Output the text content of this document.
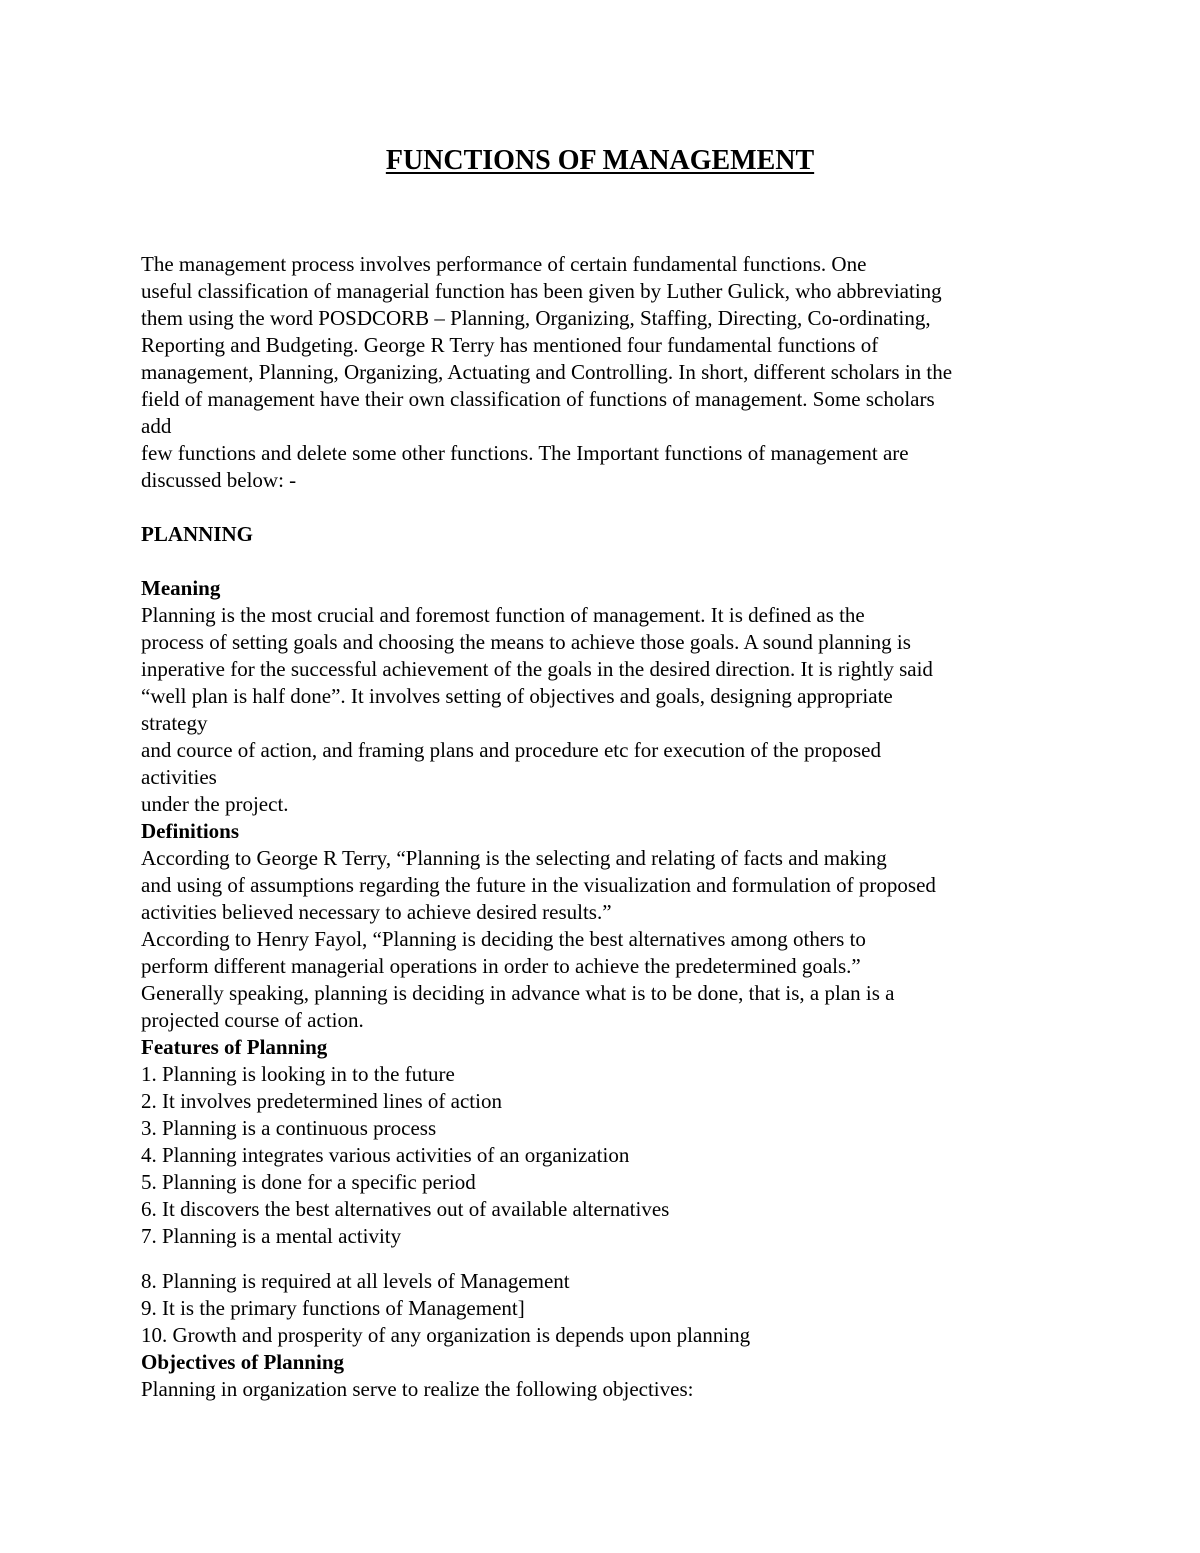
FUNCTIONS OF MANAGEMENT
The management process involves performance of certain fundamental functions. One
useful classification of managerial function has been given by Luther Gulick, who abbreviating
them using the word POSDCORB – Planning, Organizing, Staffing, Directing, Co-ordinating,
Reporting and Budgeting. George R Terry has mentioned four fundamental functions of
management, Planning, Organizing, Actuating and Controlling. In short, different scholars in the
field of management have their own classification of functions of management. Some scholars
add
few functions and delete some other functions. The Important functions of management are
discussed below: -
PLANNING
Meaning
Planning is the most crucial and foremost function of management. It is defined as the
process of setting goals and choosing the means to achieve those goals. A sound planning is
inperative for the successful achievement of the goals in the desired direction. It is rightly said
“well plan is half done”. It involves setting of objectives and goals, designing appropriate
strategy
and cource of action, and framing plans and procedure etc for execution of the proposed
activities
under the project.
Definitions
According to George R Terry, “Planning is the selecting and relating of facts and making
and using of assumptions regarding the future in the visualization and formulation of proposed
activities believed necessary to achieve desired results.”
According to Henry Fayol, “Planning is deciding the best alternatives among others to
perform different managerial operations in order to achieve the predetermined goals.”
Generally speaking, planning is deciding in advance what is to be done, that is, a plan is a
projected course of action.
Features of Planning
1. Planning is looking in to the future
2. It involves predetermined lines of action
3. Planning is a continuous process
4. Planning integrates various activities of an organization
5. Planning is done for a specific period
6. It discovers the best alternatives out of available alternatives
7. Planning is a mental activity
8. Planning is required at all levels of Management
9. It is the primary functions of Management]
10. Growth and prosperity of any organization is depends upon planning
Objectives of Planning
Planning in organization serve to realize the following objectives:
